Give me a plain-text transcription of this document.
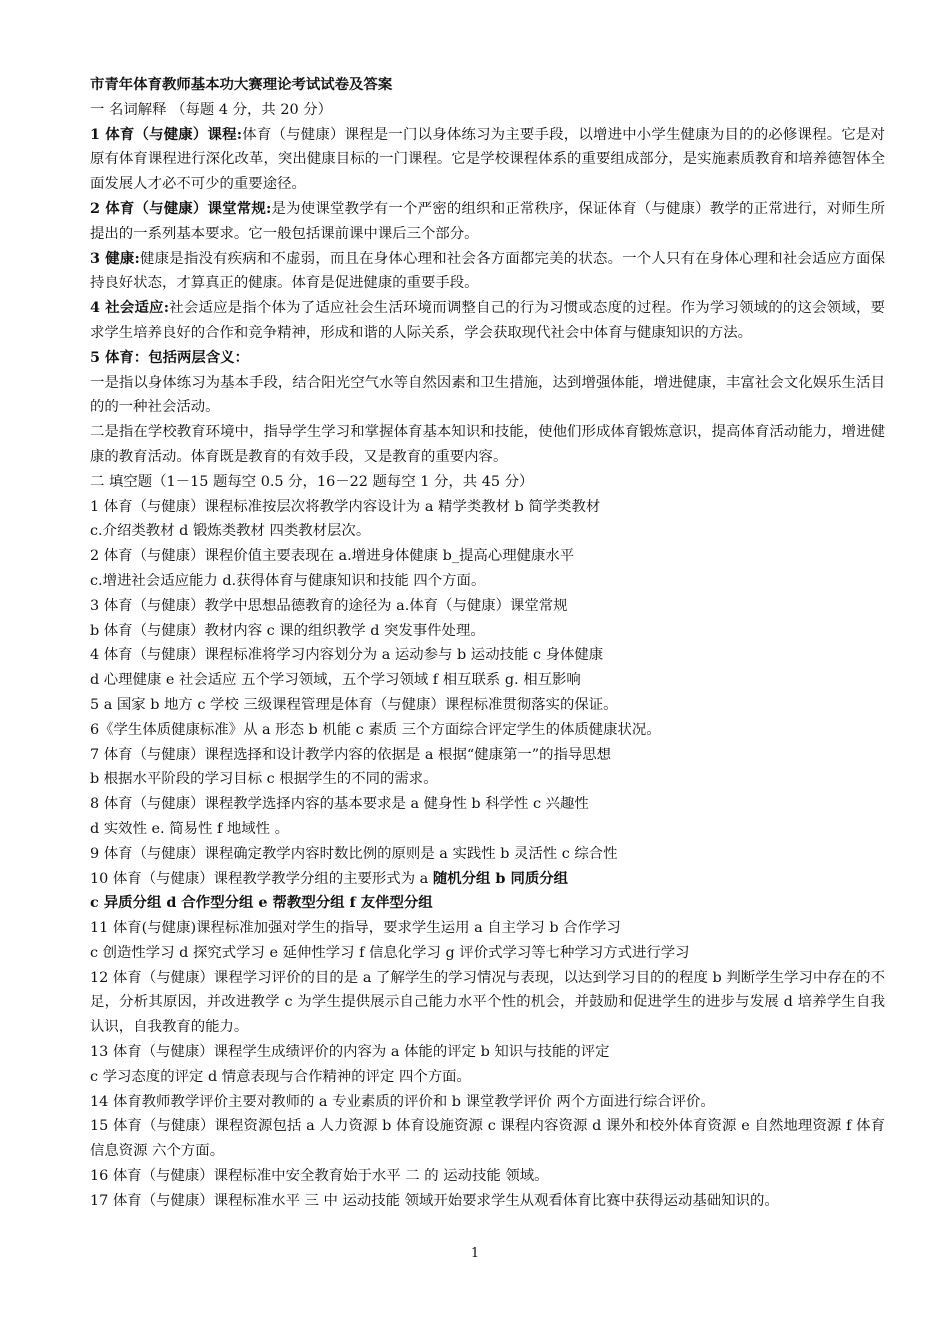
市青年体育教师基本功大赛理论考试试卷及答案
一 名词解释 （每题 4 分，共 20 分）
1 体育（与健康）课程:体育（与健康）课程是一门以身体练习为主要手段，以增进中小学生健康为目的的必修课程。它是对原有体育课程进行深化改革，突出健康目标的一门课程。它是学校课程体系的重要组成部分，是实施素质教育和培养德智体全面发展人才必不可少的重要途径。
2 体育（与健康）课堂常规:是为使课堂教学有一个严密的组织和正常秩序，保证体育（与健康）教学的正常进行，对师生所提出的一系列基本要求。它一般包括课前课中课后三个部分。
3 健康:健康是指没有疾病和不虚弱，而且在身体心理和社会各方面都完美的状态。一个人只有在身体心理和社会适应方面保持良好状态，才算真正的健康。体育是促进健康的重要手段。
4 社会适应:社会适应是指个体为了适应社会生活环境而调整自己的行为习惯或态度的过程。作为学习领域的的这会领域，要求学生培养良好的合作和竞争精神，形成和谐的人际关系，学会获取现代社会中体育与健康知识的方法。
5 体育：包括两层含义：
一是指以身体练习为基本手段，结合阳光空气水等自然因素和卫生措施，达到增强体能，增进健康，丰富社会文化娱乐生活目的的一种社会活动。
二是指在学校教育环境中，指导学生学习和掌握体育基本知识和技能，使他们形成体育锻炼意识，提高体育活动能力，增进健康的教育活动。体育既是教育的有效手段，又是教育的重要内容。
二 填空题（1－15 题每空 0.5 分，16－22 题每空 1 分，共 45 分）
1 体育（与健康）课程标准按层次将教学内容设计为 a 精学类教材 b 简学类教材
c.介绍类教材 d 锻炼类教材 四类教材层次。
2 体育（与健康）课程价值主要表现在 a.增进身体健康 b_提高心理健康水平
c.增进社会适应能力 d.获得体育与健康知识和技能 四个方面。
3 体育（与健康）教学中思想品德教育的途径为 a.体育（与健康）课堂常规
b 体育（与健康）教材内容 c 课的组织教学 d 突发事件处理。
4 体育（与健康）课程标准将学习内容划分为 a 运动参与 b 运动技能 c 身体健康
d 心理健康 e 社会适应 五个学习领域，五个学习领域 f 相互联系 g. 相互影响
5 a 国家 b 地方 c 学校 三级课程管理是体育（与健康）课程标准贯彻落实的保证。
6《学生体质健康标准》从 a 形态 b 机能 c 素质 三个方面综合评定学生的体质健康状况。
7 体育（与健康）课程选择和设计教学内容的依据是 a 根据“健康第一”的指导思想
b 根据水平阶段的学习目标 c 根据学生的不同的需求。
8 体育（与健康）课程教学选择内容的基本要求是 a 健身性 b 科学性 c 兴趣性
d 实效性 e. 简易性 f 地域性 。
9 体育（与健康）课程确定教学内容时数比例的原则是 a 实践性 b 灵活性 c 综合性
10 体育（与健康）课程教学教学分组的主要形式为 a 随机分组 b 同质分组
c 异质分组 d 合作型分组 e 帮教型分组 f 友伴型分组
11 体育(与健康)课程标准加强对学生的指导，要求学生运用 a 自主学习 b 合作学习
c 创造性学习 d 探究式学习 e 延伸性学习 f 信息化学习 g 评价式学习等七种学习方式进行学习
12 体育（与健康）课程学习评价的目的是 a 了解学生的学习情况与表现，以达到学习目的的程度 b 判断学生学习中存在的不足，分析其原因，并改进教学 c 为学生提供展示自己能力水平个性的机会，并鼓励和促进学生的进步与发展 d 培养学生自我认识，自我教育的能力。
13 体育（与健康）课程学生成绩评价的内容为 a 体能的评定 b 知识与技能的评定
c 学习态度的评定 d 情意表现与合作精神的评定 四个方面。
14 体育教师教学评价主要对教师的 a 专业素质的评价和 b 课堂教学评价 两个方面进行综合评价。
15 体育（与健康）课程资源包括 a 人力资源 b 体育设施资源 c 课程内容资源 d 课外和校外体育资源 e 自然地理资源 f 体育信息资源 六个方面。
16 体育（与健康）课程标准中安全教育始于水平 二 的 运动技能 领域。
17 体育（与健康）课程标准水平 三 中 运动技能 领域开始要求学生从观看体育比赛中获得运动基础知识的。
1
